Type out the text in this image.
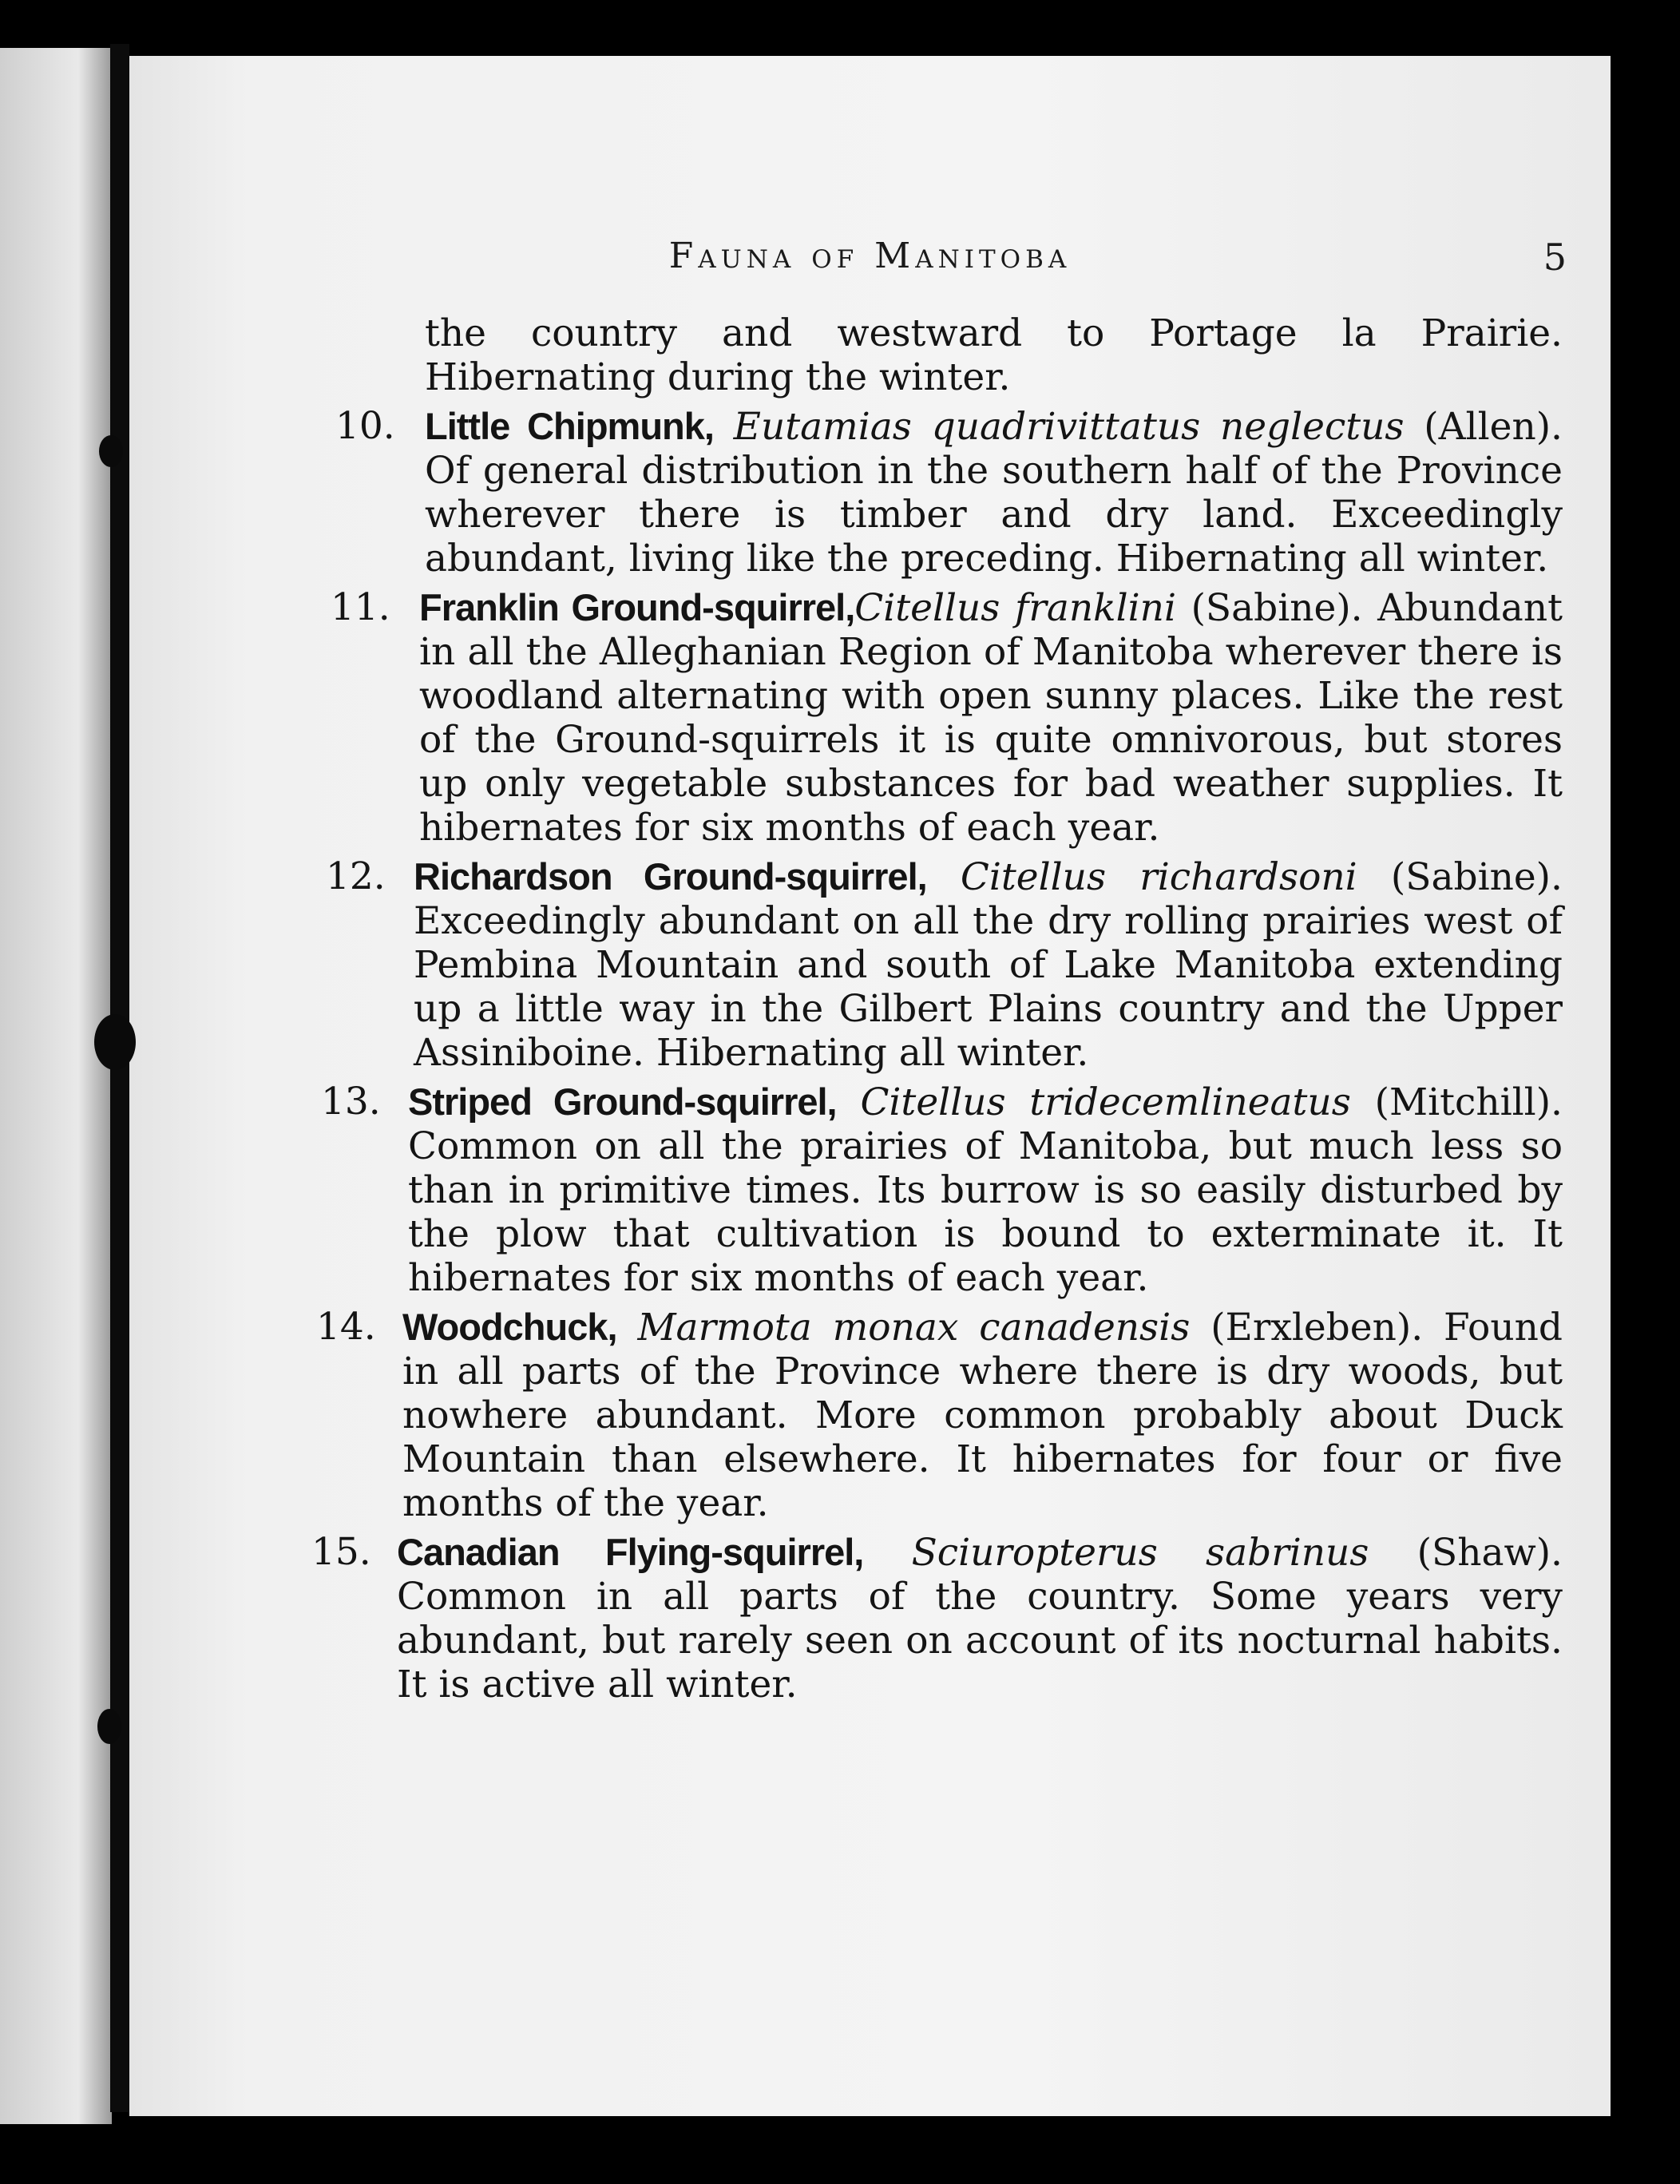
Fauna of Manitoba	5
the country and westward to Portage la Prairie. Hibernating during the winter.
10. Little Chipmunk, Eutamias quadrivittatus neglectus (Allen). Of general distribution in the southern half of the Province wherever there is timber and dry land. Exceedingly abundant, living like the preceding. Hibernating all winter.
11. Franklin Ground-squirrel,Citellus franklini (Sabine). Abundant in all the Alleghanian Region of Manitoba wherever there is woodland alternating with open sunny places. Like the rest of the Ground-squirrels it is quite omnivorous, but stores up only vegetable substances for bad weather supplies. It hibernates for six months of each year.
12. Richardson Ground-squirrel, Citellus richardsoni (Sabine). Exceedingly abundant on all the dry rolling prairies west of Pembina Mountain and south of Lake Manitoba extending up a little way in the Gilbert Plains country and the Upper Assiniboine. Hibernating all winter.
13. Striped Ground-squirrel, Citellus tridecemlineatus (Mitchill). Common on all the prairies of Manitoba, but much less so than in primitive times. Its burrow is so easily disturbed by the plow that cultivation is bound to exterminate it. It hibernates for six months of each year.
14. Woodchuck, Marmota monax canadensis (Erxleben). Found in all parts of the Province where there is dry woods, but nowhere abundant. More common probably about Duck Mountain than elsewhere. It hibernates for four or five months of the year.
15. Canadian Flying-squirrel, Sciuropterus sabrinus (Shaw). Common in all parts of the country. Some years very abundant, but rarely seen on account of its nocturnal habits. It is active all winter.
